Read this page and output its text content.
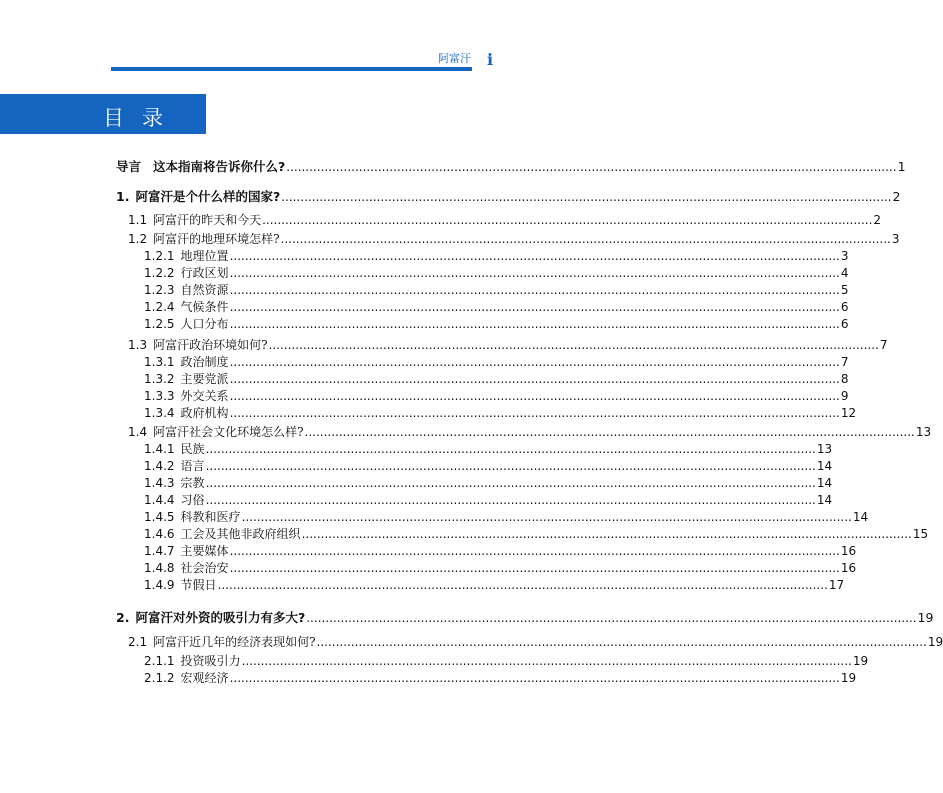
阿富汗 i
目录
导言 这本指南将告诉你什么? ................................................................................................................................................................ 1
1. 阿富汗是个什么样的国家? ................................................................................................................................................................ 2
1.1 阿富汗的昨天和今天 ................................................................................................................................................................ 2
1.2 阿富汗的地理环境怎样? ................................................................................................................................................................ 3
1.2.1 地理位置 ................................................................................................................................................................ 3
1.2.2 行政区划 ................................................................................................................................................................ 4
1.2.3 自然资源 ................................................................................................................................................................ 5
1.2.4 气候条件 ................................................................................................................................................................ 6
1.2.5 人口分布 ................................................................................................................................................................ 6
1.3 阿富汗政治环境如何? ................................................................................................................................................................ 7
1.3.1 政治制度 ................................................................................................................................................................ 7
1.3.2 主要党派 ................................................................................................................................................................ 8
1.3.3 外交关系 ................................................................................................................................................................ 9
1.3.4 政府机构 ................................................................................................................................................................ 12
1.4 阿富汗社会文化环境怎么样? ................................................................................................................................................................ 13
1.4.1 民族 ................................................................................................................................................................ 13
1.4.2 语言 ................................................................................................................................................................ 14
1.4.3 宗教 ................................................................................................................................................................ 14
1.4.4 习俗 ................................................................................................................................................................ 14
1.4.5 科教和医疗 ................................................................................................................................................................ 14
1.4.6 工会及其他非政府组织 ................................................................................................................................................................ 15
1.4.7 主要媒体 ................................................................................................................................................................ 16
1.4.8 社会治安 ................................................................................................................................................................ 16
1.4.9 节假日 ................................................................................................................................................................ 17
2. 阿富汗对外资的吸引力有多大? ................................................................................................................................................................ 19
2.1 阿富汗近几年的经济表现如何? ................................................................................................................................................................ 19
2.1.1 投资吸引力 ................................................................................................................................................................ 19
2.1.2 宏观经济 ................................................................................................................................................................ 19
